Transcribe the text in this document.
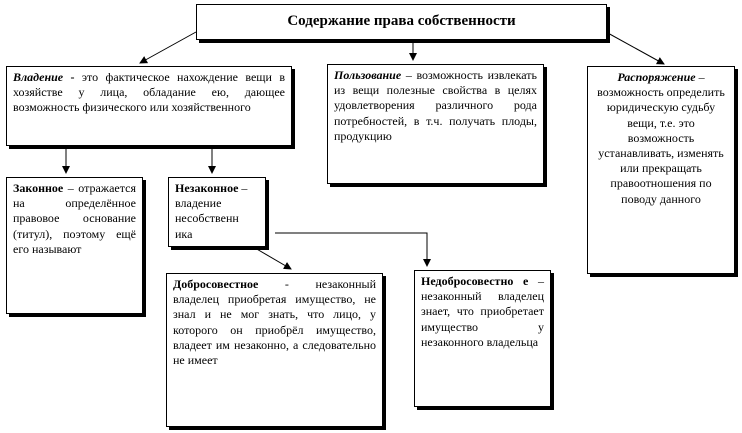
Содержание права собственности
Владение - это фактическое нахождение вещи в хозяйстве у лица, обладание ею, дающее возможность физического или хозяйственного
Пользование – возможность извлекать из вещи полезные свойства в целях удовлетворения различного рода потребностей, в т.ч. получать плоды, продукцию
Распоряжение – возможность определить юридическую судьбу вещи, т.е. это возможность устанавливать, изменять или прекращать правоотношения по поводу данного
Законное – отражается на определённое правовое основание (титул), поэтому ещё его называют
Незаконное – владение несобственн ика
Добросовестное - незаконный владелец приобретая имущество, не знал и не мог знать, что лицо, у которого он приобрёл имущество, владеет им незаконно, а следовательно не имеет
Недобросовестно е – незаконный владелец знает, что приобретает имущество у незаконного владельца
